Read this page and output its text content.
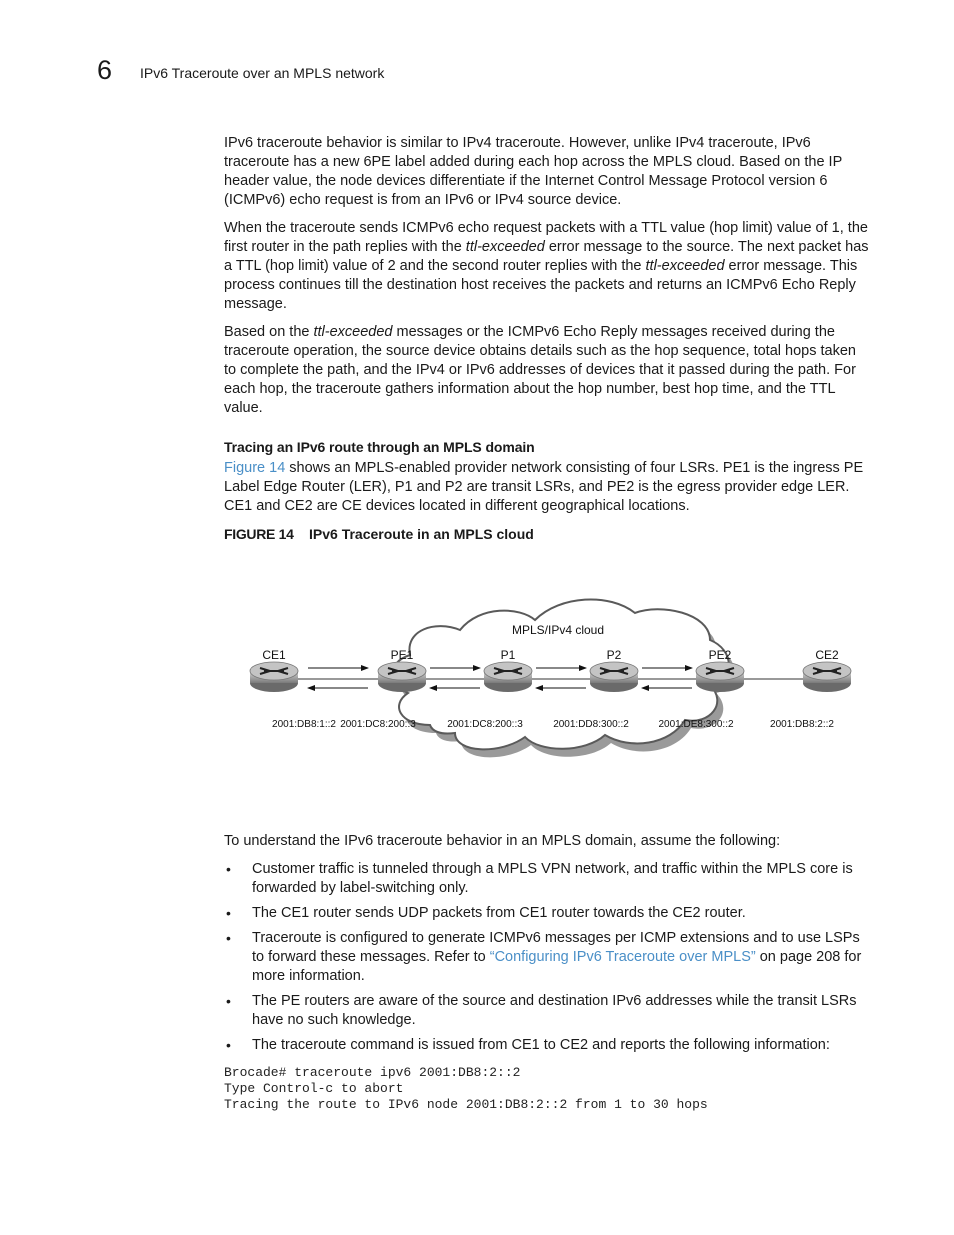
6 IPv6 Traceroute over an MPLS network

IPv6 traceroute behavior is similar to IPv4 traceroute. However, unlike IPv4 traceroute, IPv6 traceroute has a new 6PE label added during each hop across the MPLS cloud. Based on the IP header value, the node devices differentiate if the Internet Control Message Protocol version 6 (ICMPv6) echo request is from an IPv6 or IPv4 source device.

When the traceroute sends ICMPv6 echo request packets with a TTL value (hop limit) value of 1, the first router in the path replies with the ttl-exceeded error message to the source. The next packet has a TTL (hop limit) value of 2 and the second router replies with the ttl-exceeded error message. This process continues till the destination host receives the packets and returns an ICMPv6 Echo Reply message.

Based on the ttl-exceeded messages or the ICMPv6 Echo Reply messages received during the traceroute operation, the source device obtains details such as the hop sequence, total hops taken to complete the path, and the IPv4 or IPv6 addresses of devices that it passed during the path. For each hop, the traceroute gathers information about the hop number, best hop time, and the TTL value.

Tracing an IPv6 route through an MPLS domain

Figure 14 shows an MPLS-enabled provider network consisting of four LSRs. PE1 is the ingress PE Label Edge Router (LER), P1 and P2 are transit LSRs, and PE2 is the egress provider edge LER. CE1 and CE2 are CE devices located in different geographical locations.

FIGURE 14 IPv6 Traceroute in an MPLS cloud
MPLS/IPv4 cloud
CE1	PE1	P1	P2	PE2	CE2
2001:DB8:1::2 2001:DC8:200::3	2001:DC8:200::3	2001:DD8:300::2	2001:DE8:300::2	2001:DB8:2::2

To understand the IPv6 traceroute behavior in an MPLS domain, assume the following:

• Customer traffic is tunneled through a MPLS VPN network, and traffic within the MPLS core is forwarded by label-switching only.
• The CE1 router sends UDP packets from CE1 router towards the CE2 router.
• Traceroute is configured to generate ICMPv6 messages per ICMP extensions and to use LSPs to forward these messages. Refer to “Configuring IPv6 Traceroute over MPLS” on page 208 for more information.
• The PE routers are aware of the source and destination IPv6 addresses while the transit LSRs have no such knowledge.
• The traceroute command is issued from CE1 to CE2 and reports the following information:
Brocade# traceroute ipv6 2001:DB8:2::2
Type Control-c to abort
Tracing the route to IPv6 node 2001:DB8:2::2 from 1 to 30 hops
